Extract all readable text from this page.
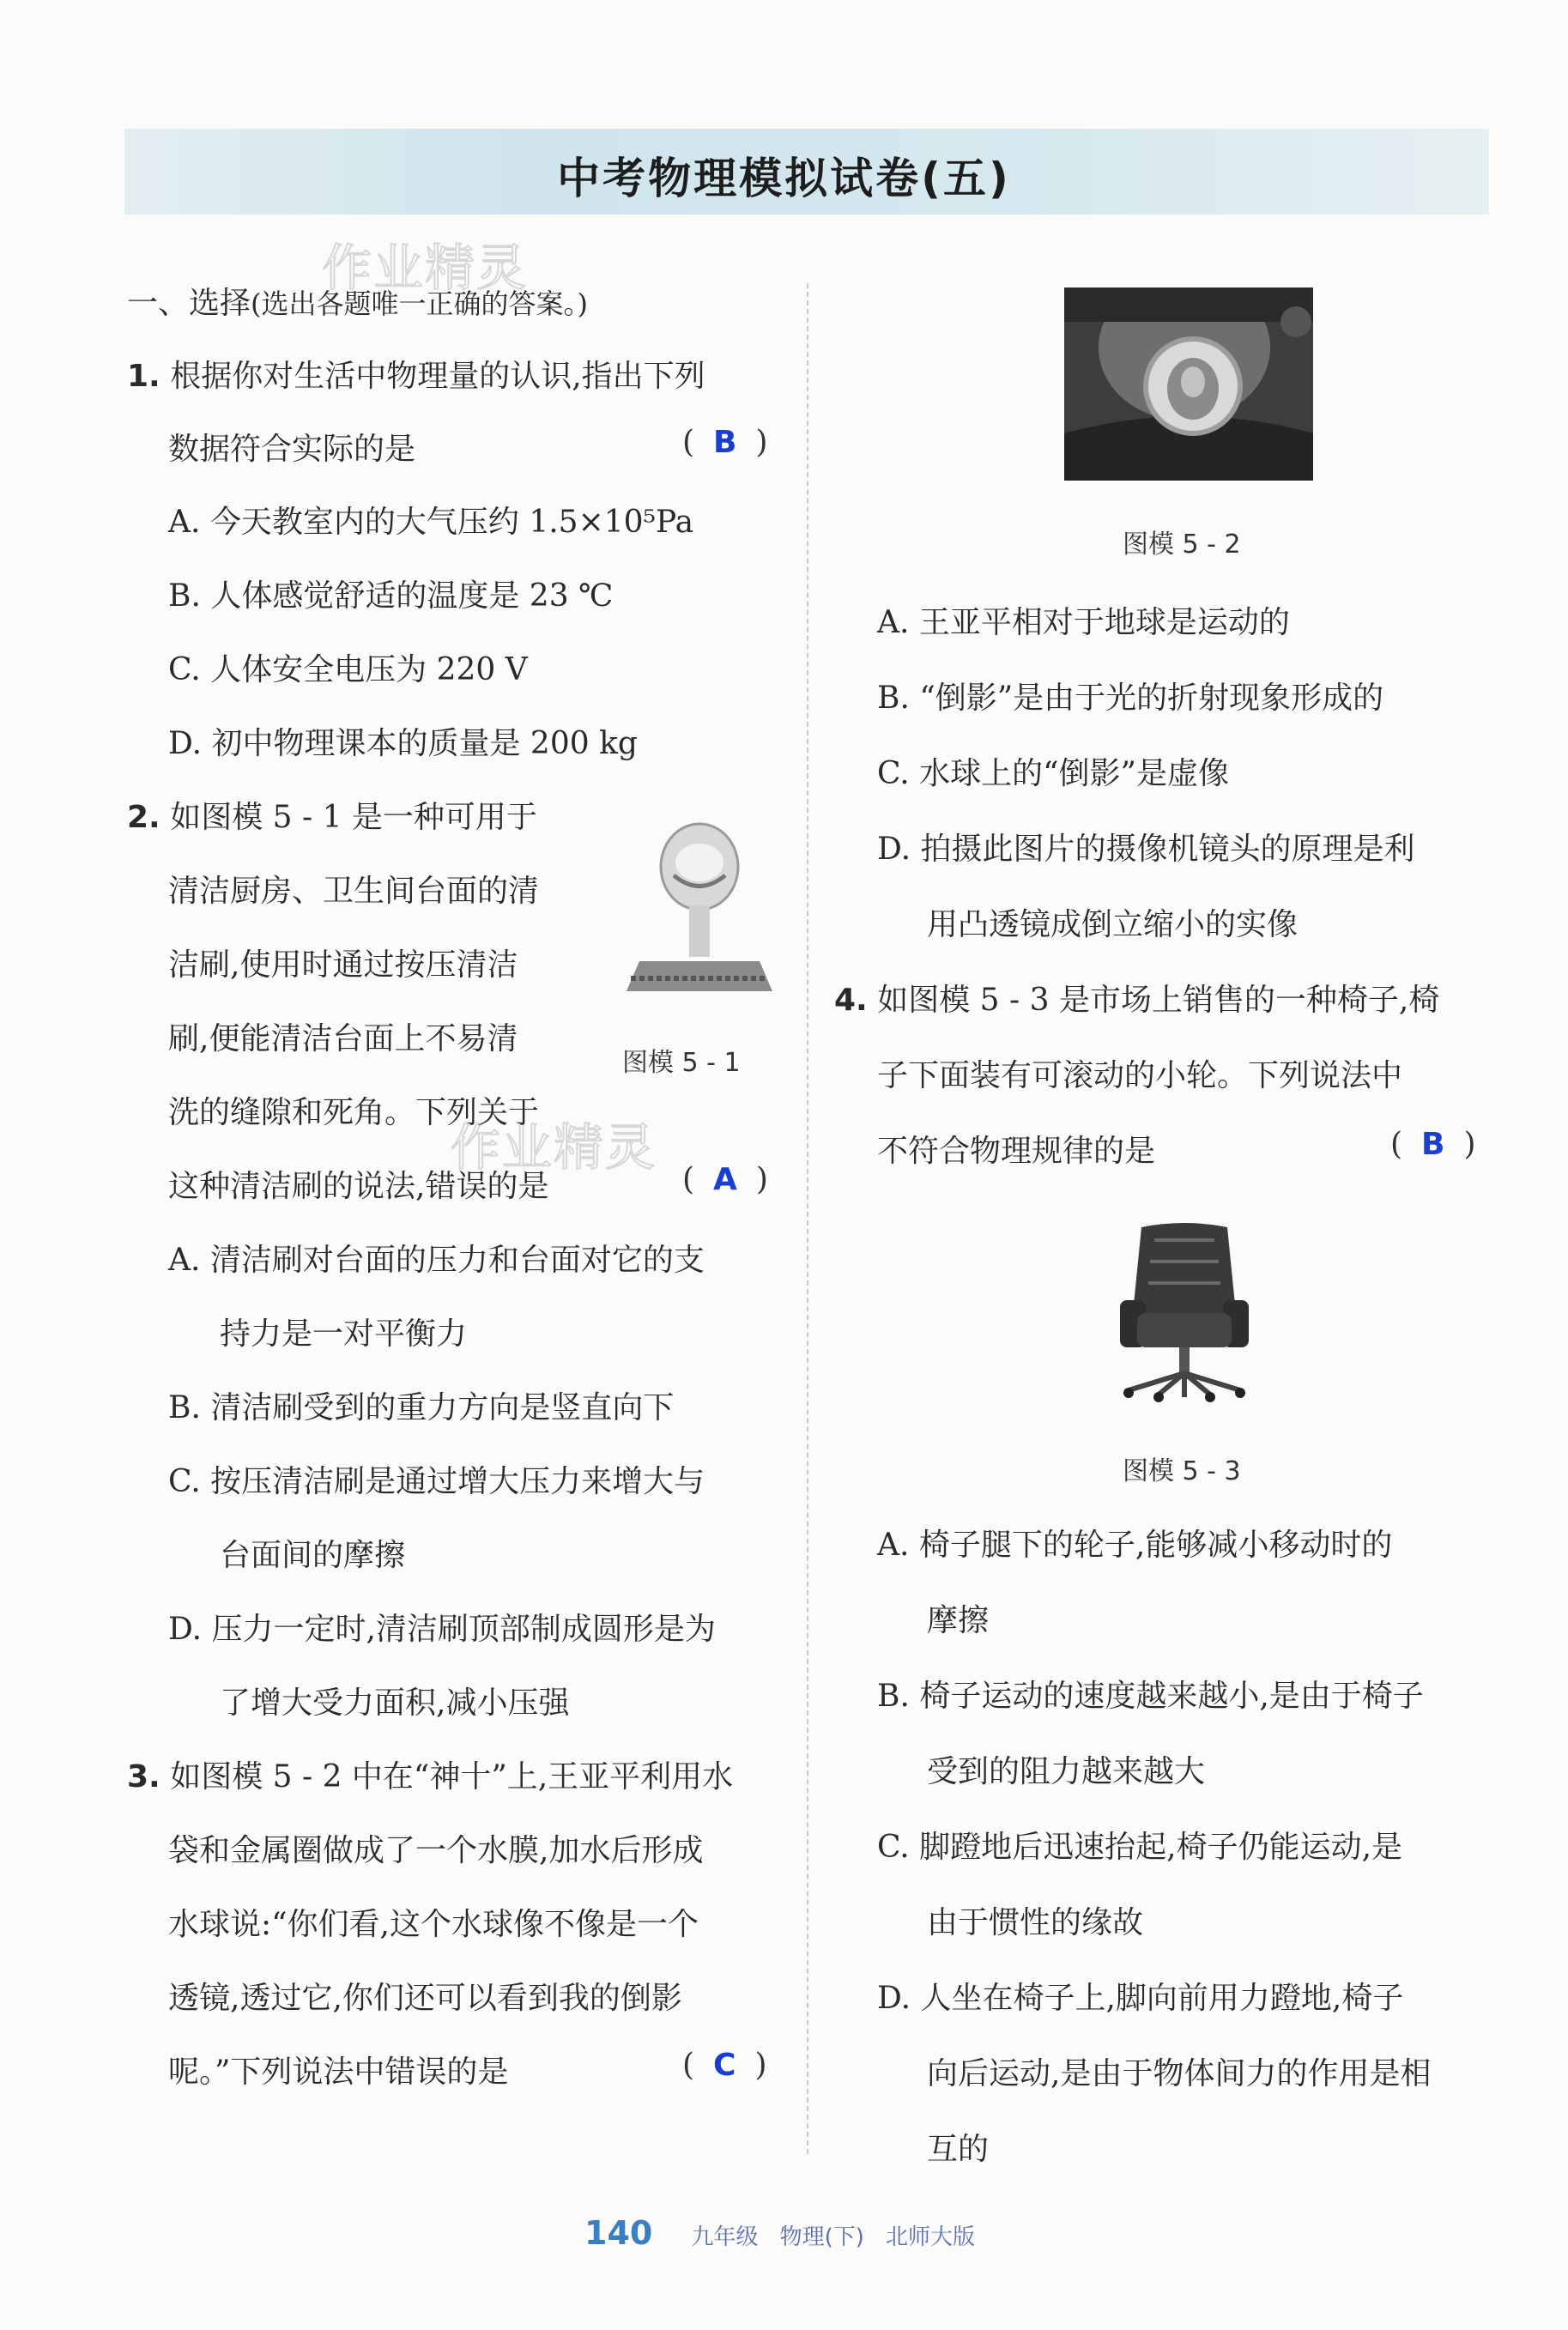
中考物理模拟试卷(五)
作业精灵
作业精灵
一、选择(选出各题唯一正确的答案。)
1. 根据你对生活中物理量的认识,指出下列
数据符合实际的是	( B )
A. 今天教室内的大气压约 1.5×10⁵Pa
B. 人体感觉舒适的温度是 23 ℃
C. 人体安全电压为 220 V
D. 初中物理课本的质量是 200 kg
2. 如图模 5 - 1 是一种可用于
清洁厨房、卫生间台面的清
洁刷,使用时通过按压清洁
刷,便能清洁台面上不易清
洗的缝隙和死角。下列关于
这种清洁刷的说法,错误的是	( A )
图模 5 - 1
A. 清洁刷对台面的压力和台面对它的支
持力是一对平衡力
B. 清洁刷受到的重力方向是竖直向下
C. 按压清洁刷是通过增大压力来增大与
台面间的摩擦
D. 压力一定时,清洁刷顶部制成圆形是为
了增大受力面积,减小压强
3. 如图模 5 - 2 中在“神十”上,王亚平利用水
袋和金属圈做成了一个水膜,加水后形成
水球说:“你们看,这个水球像不像是一个
透镜,透过它,你们还可以看到我的倒影
呢。”下列说法中错误的是	( C )
图模 5 - 2
A. 王亚平相对于地球是运动的
B. “倒影”是由于光的折射现象形成的
C. 水球上的“倒影”是虚像
D. 拍摄此图片的摄像机镜头的原理是利
用凸透镜成倒立缩小的实像
4. 如图模 5 - 3 是市场上销售的一种椅子,椅
子下面装有可滚动的小轮。下列说法中
不符合物理规律的是	( B )
图模 5 - 3
A. 椅子腿下的轮子,能够减小移动时的
摩擦
B. 椅子运动的速度越来越小,是由于椅子
受到的阻力越来越大
C. 脚蹬地后迅速抬起,椅子仍能运动,是
由于惯性的缘故
D. 人坐在椅子上,脚向前用力蹬地,椅子
向后运动,是由于物体间力的作用是相
互的
140 九年级 物理(下) 北师大版
